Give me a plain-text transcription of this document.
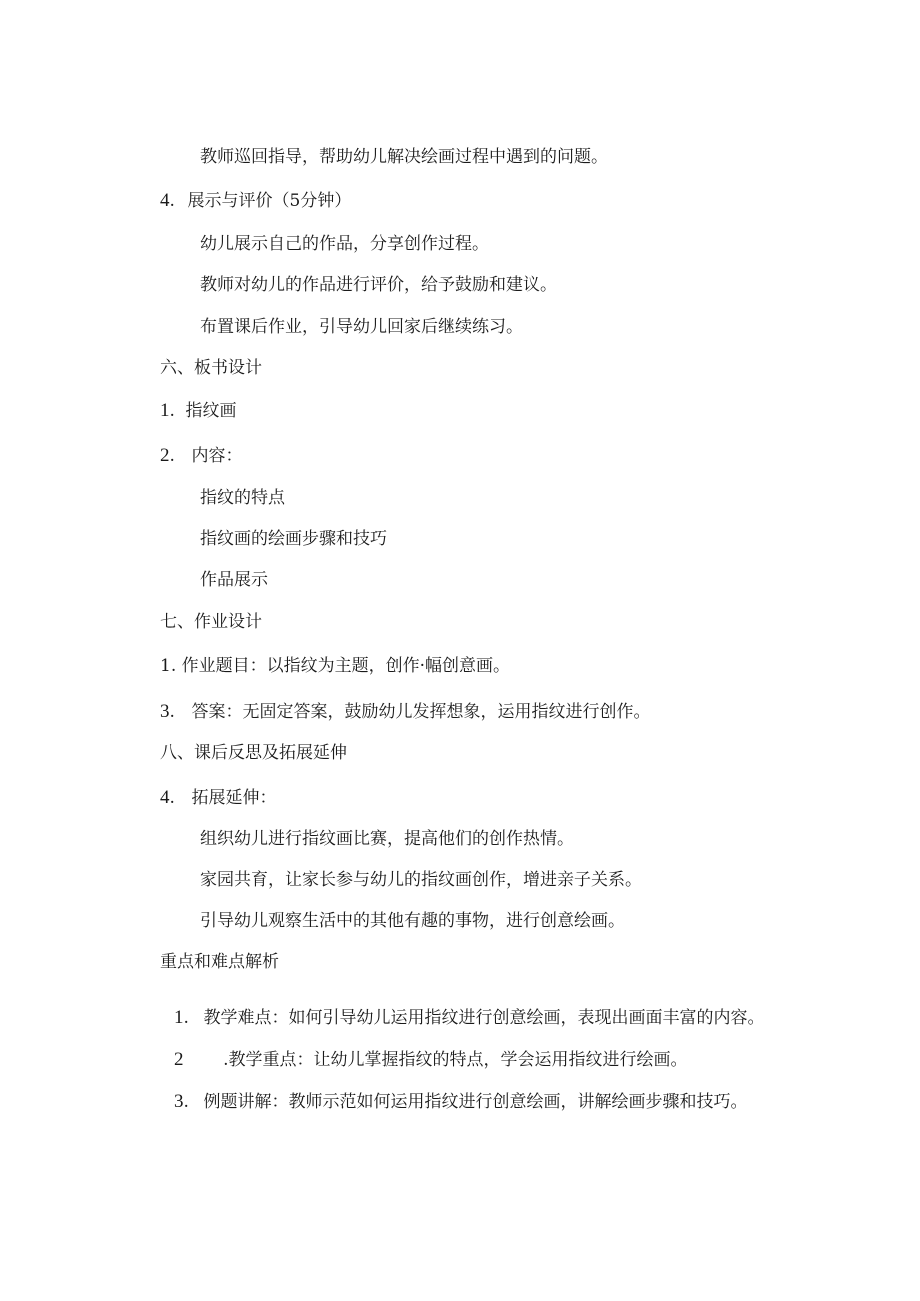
教师巡回指导，帮助幼儿解决绘画过程中遇到的问题。
4. 展示与评价（5分钟）
幼儿展示自己的作品，分享创作过程。
教师对幼儿的作品进行评价，给予鼓励和建议。
布置课后作业，引导幼儿回家后继续练习。
六、板书设计
1. 指纹画
2. 内容：
指纹的特点
指纹画的绘画步骤和技巧
作品展示
七、作业设计
1. 作业题目：以指纹为主题，创作·幅创意画。
3. 答案：无固定答案，鼓励幼儿发挥想象，运用指纹进行创作。
八、课后反思及拓展延伸
4. 拓展延伸：
组织幼儿进行指纹画比赛，提高他们的创作热情。
家园共育，让家长参与幼儿的指纹画创作，增进亲子关系。
引导幼儿观察生活中的其他有趣的事物，进行创意绘画。
重点和难点解析
1. 教学难点：如何引导幼儿运用指纹进行创意绘画，表现出画面丰富的内容。
2.教学重点：让幼儿掌握指纹的特点，学会运用指纹进行绘画。
3. 例题讲解：教师示范如何运用指纹进行创意绘画，讲解绘画步骤和技巧。
